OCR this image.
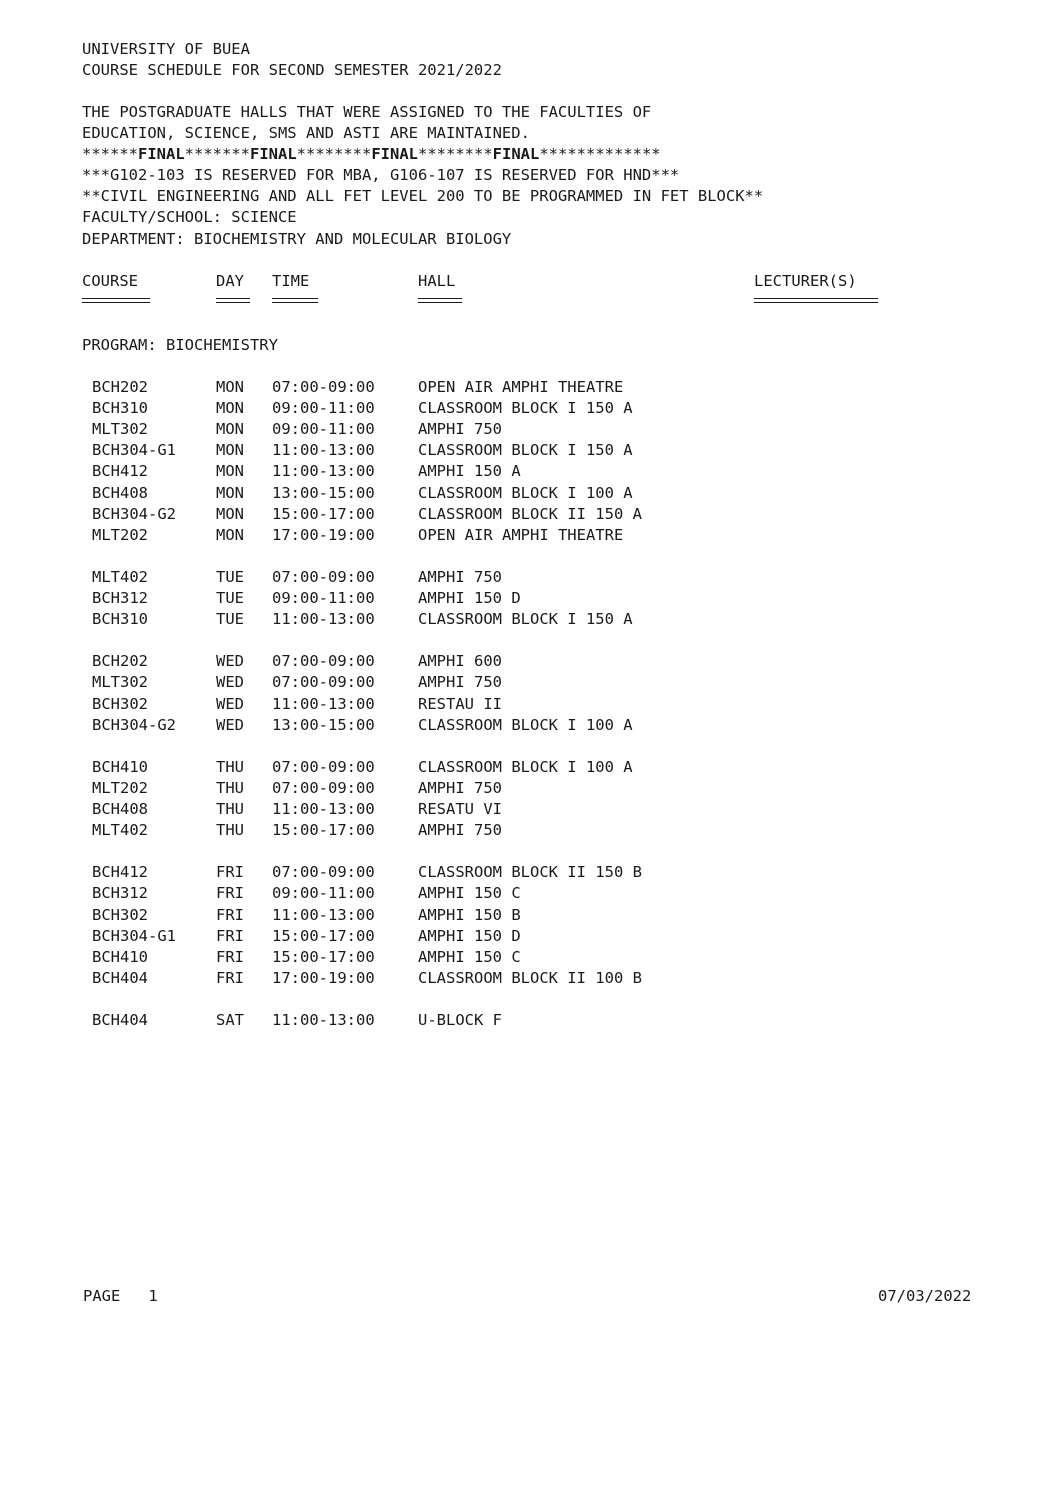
UNIVERSITY OF BUEA
COURSE SCHEDULE FOR SECOND SEMESTER 2021/2022
THE POSTGRADUATE HALLS THAT WERE ASSIGNED TO THE FACULTIES OF
EDUCATION, SCIENCE, SMS AND ASTI ARE MAINTAINED.
******FINAL*******FINAL********FINAL********FINAL*************
***G102-103 IS RESERVED FOR MBA, G106-107 IS RESERVED FOR HND***
**CIVIL ENGINEERING AND ALL FET LEVEL 200 TO BE PROGRAMMED IN FET BLOCK**
FACULTY/SCHOOL: SCIENCE
DEPARTMENT: BIOCHEMISTRY AND MOLECULAR BIOLOGY
COURSE	DAY TIME	HALL	LECTURER(S)
PROGRAM: BIOCHEMISTRY
BCH202	MON 07:00-09:00	OPEN AIR AMPHI THEATRE
BCH310	MON 09:00-11:00	CLASSROOM BLOCK I 150 A
MLT302	MON 09:00-11:00	AMPHI 750
BCH304-G1	MON 11:00-13:00	CLASSROOM BLOCK I 150 A
BCH412	MON 11:00-13:00	AMPHI 150 A
BCH408	MON 13:00-15:00	CLASSROOM BLOCK I 100 A
BCH304-G2	MON 15:00-17:00	CLASSROOM BLOCK II 150 A
MLT202	MON 17:00-19:00	OPEN AIR AMPHI THEATRE
MLT402	TUE 07:00-09:00	AMPHI 750
BCH312	TUE 09:00-11:00	AMPHI 150 D
BCH310	TUE 11:00-13:00	CLASSROOM BLOCK I 150 A
BCH202	WED 07:00-09:00	AMPHI 600
MLT302	WED 07:00-09:00	AMPHI 750
BCH302	WED 11:00-13:00	RESTAU II
BCH304-G2	WED 13:00-15:00	CLASSROOM BLOCK I 100 A
BCH410	THU 07:00-09:00	CLASSROOM BLOCK I 100 A
MLT202	THU 07:00-09:00	AMPHI 750
BCH408	THU 11:00-13:00	RESATU VI
MLT402	THU 15:00-17:00	AMPHI 750
BCH412	FRI 07:00-09:00	CLASSROOM BLOCK II 150 B
BCH312	FRI 09:00-11:00	AMPHI 150 C
BCH302	FRI 11:00-13:00	AMPHI 150 B
BCH304-G1	FRI 15:00-17:00	AMPHI 150 D
BCH410	FRI 15:00-17:00	AMPHI 150 C
BCH404	FRI 17:00-19:00	CLASSROOM BLOCK II 100 B
BCH404	SAT 11:00-13:00	U-BLOCK F
PAGE 1	07/03/2022
